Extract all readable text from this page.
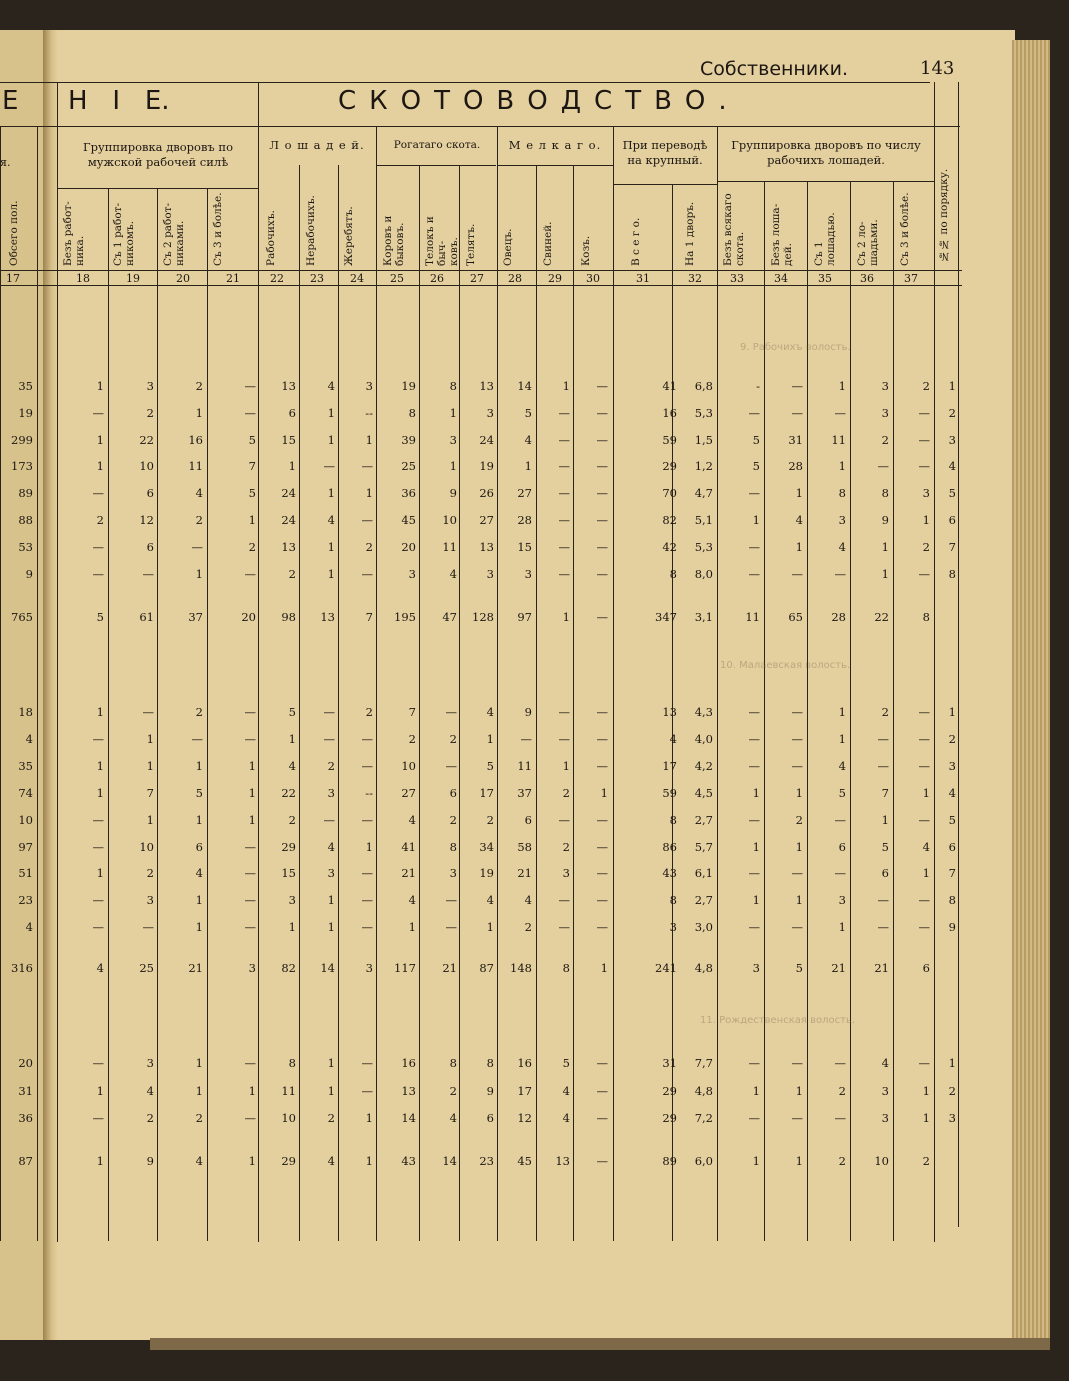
Собственники.	143
Е      Н   I   Е.	СКОТОВОДСТВО.
я.
Группировка дворовъ по мужской рабочей силѣ
Л о ш а д е й.	Рогатаго скота.	М е л к а г о.	При переводѣ на крупный.
Группировка дворовъ по числу рабочихъ лошадей.
9. Рабочихъ волость.
10. Малаевская волость.
11. Рождественская волость.
Обсего пол.
17
Безъ работ-
ника.
18
Съ 1 работ-
никомъ.
19
Съ 2 работ-
никами.
20
Съ 3 и болѣе.
21
Рабочихъ.
22
Нерабочихъ.
23
Жеребятъ.
24
Коровъ и быковъ.
25
Телокъ и быч-
ковъ.
26
Телятъ.
27
Овецъ.
28
Свиней.
29
Козъ.
30
В с е г о.
31
На 1 дворъ.
32
Безъ всякаго
скота.
33
Безъ лоша-
дей.
34
Съ 1 лошадью.
35
Съ 2 ло-
шадьми.
36
Съ 3 и болѣе.
37
№№ по порядку.
35	1	3	2	—	13	4	3	19	8	13	14	1	—	41	6,8	-	—	1	3	2	1
19	—	2	1	—	6	1	--	8	1	3	5	—	—	16	5,3	—	—	—	3	—	2
299	1	22	16	5	15	1	1	39	3	24	4	—	—	59	1,5	5	31	11	2	—	3
173	1	10	11	7	1	—	—	25	1	19	1	—	—	29	1,2	5	28	1	—	—	4
89	—	6	4	5	24	1	1	36	9	26	27	—	—	70	4,7	—	1	8	8	3	5
88	2	12	2	1	24	4	—	45	10	27	28	—	—	82	5,1	1	4	3	9	1	6
53	—	6	—	2	13	1	2	20	11	13	15	—	—	42	5,3	—	1	4	1	2	7
9	—	—	1	—	2	1	—	3	4	3	3	—	—	8	8,0	—	—	—	1	—	8
765	5	61	37	20	98	13	7	195	47	128	97	1	—	347	3,1	11	65	28	22	8
18	1	—	2	—	5	—	2	7	—	4	9	—	—	13	4,3	—	—	1	2	—	1
4	—	1	—	—	1	—	—	2	2	1	—	—	—	4	4,0	—	—	1	—	—	2
35	1	1	1	1	4	2	—	10	—	5	11	1	—	17	4,2	—	—	4	—	—	3
74	1	7	5	1	22	3	--	27	6	17	37	2	1	59	4,5	1	1	5	7	1	4
10	—	1	1	1	2	—	—	4	2	2	6	—	—	8	2,7	—	2	—	1	—	5
97	—	10	6	—	29	4	1	41	8	34	58	2	—	86	5,7	1	1	6	5	4	6
51	1	2	4	—	15	3	—	21	3	19	21	3	—	43	6,1	—	—	—	6	1	7
23	—	3	1	—	3	1	—	4	—	4	4	—	—	8	2,7	1	1	3	—	—	8
4	—	—	1	—	1	1	—	1	—	1	2	—	—	3	3,0	—	—	1	—	—	9
316	4	25	21	3	82	14	3	117	21	87	148	8	1	241	4,8	3	5	21	21	6
20	—	3	1	—	8	1	—	16	8	8	16	5	—	31	7,7	—	—	—	4	—	1
31	1	4	1	1	11	1	—	13	2	9	17	4	—	29	4,8	1	1	2	3	1	2
36	—	2	2	—	10	2	1	14	4	6	12	4	—	29	7,2	—	—	—	3	1	3
87	1	9	4	1	29	4	1	43	14	23	45	13	—	89	6,0	1	1	2	10	2
